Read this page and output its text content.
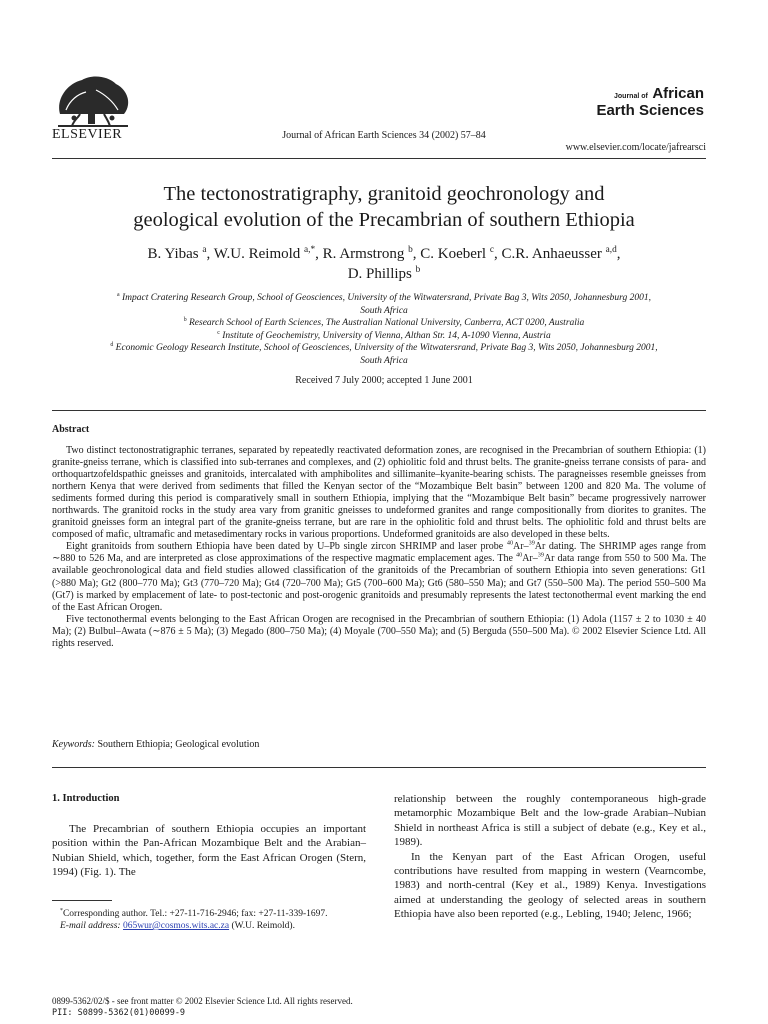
ELSEVIER	Journal of African Earth Sciences 34 (2002) 57–84
Journal of African
Earth Sciences
www.elsevier.com/locate/jafrearsci
The tectonostratigraphy, granitoid geochronology and
geological evolution of the Precambrian of southern Ethiopia
B. Yibas $^a$, W.U. Reimold $^{a,*}$, R. Armstrong $^b$, C. Koeberl $^c$, C.R. Anhaeusser $^{a,d}$,
D. Phillips $^b$
$^a$ Impact Cratering Research Group, School of Geosciences, University of the Witwatersrand, Private Bag 3, Wits 2050, Johannesburg 2001,
South Africa
$^b$ Research School of Earth Sciences, The Australian National University, Canberra, ACT 0200, Australia
$^c$ Institute of Geochemistry, University of Vienna, Althan Str. 14, A-1090 Vienna, Austria
$^d$ Economic Geology Research Institute, School of Geosciences, University of the Witwatersrand, Private Bag 3, Wits 2050, Johannesburg 2001,
South Africa
Received 7 July 2000; accepted 1 June 2001
Abstract

Two distinct tectonostratigraphic terranes, separated by repeatedly reactivated deformation zones, are recognised in the Precambrian of southern Ethiopia: (1) granite-gneiss terrane, which is classified into sub-terranes and complexes, and (2) ophiolitic fold and thrust belts. The granite-gneiss terrane consists of para- and orthoquartzofeldspathic gneisses and granitoids, intercalated with amphibolites and sillimanite–kyanite-bearing schists. The paragneisses resemble gneisses from northern Kenya that were derived from sediments that filled the Kenyan sector of the “Mozambique Belt basin” between 1200 and 820 Ma. The volume of sediments formed during this period is comparatively small in southern Ethiopia, implying that the “Mozambique Belt basin” became progressively narrower northwards. The granitoid rocks in the study area vary from granitic gneisses to undeformed granites and range compositionally from diorites to granites. The granitoid gneisses form an integral part of the granite-gneiss terrane, but are rare in the ophiolitic fold and thrust belts. The ophiolitic fold and thrust belts are composed of mafic, ultramafic and metasedimentary rocks in various proportions. Undeformed granitoids are also developed in these belts.

Eight granitoids from southern Ethiopia have been dated by U–Pb single zircon SHRIMP and laser probe $^{40}$Ar–$^{39}$Ar dating. The SHRIMP ages range from ∼880 to 526 Ma, and are interpreted as close approximations of the respective magmatic emplacement ages. The $^{40}$Ar–$^{39}$Ar data range from 550 to 500 Ma. The available geochronological data and field studies allowed classification of the granitoids of the Precambrian of southern Ethiopia into seven generations: Gt1 (>880 Ma); Gt2 (800–770 Ma); Gt3 (770–720 Ma); Gt4 (720–700 Ma); Gt5 (700–600 Ma); Gt6 (580–550 Ma); and Gt7 (550–500 Ma). The period 550–500 Ma (Gt7) is marked by emplacement of late- to post-tectonic and post-orogenic granitoids and presumably represents the latest tectonothermal event marking the end of the East African Orogen.

Five tectonothermal events belonging to the East African Orogen are recognised in the Precambrian of southern Ethiopia: (1) Adola (1157 ± 2 to 1030 ± 40 Ma); (2) Bulbul–Awata (∼876 ± 5 Ma); (3) Megado (800–750 Ma); (4) Moyale (700–550 Ma); and (5) Berguda (550–500 Ma). © 2002 Elsevier Science Ltd. All rights reserved.

Keywords: Southern Ethiopia; Geological evolution
1. Introduction

The Precambrian of southern Ethiopia occupies an important position within the Pan-African Mozambique Belt and the Arabian–Nubian Shield, which, together, form the East African Orogen (Stern, 1994) (Fig. 1). The

relationship between the roughly contemporaneous high-grade metamorphic Mozambique Belt and the low-grade Arabian–Nubian Shield in northeast Africa is still a subject of debate (e.g., Key et al., 1989).

In the Kenyan part of the East African Orogen, useful contributions have resulted from mapping in western (Vearncombe, 1983) and north-central (Key et al., 1989) Kenya. Investigations aimed at understanding the geology of selected areas in southern Ethiopia have also been reported (e.g., Lebling, 1940; Jelenc, 1966;

*Corresponding author. Tel.: +27-11-716-2946; fax: +27-11-339-1697.

E-mail address: 065wur@cosmos.wits.ac.za (W.U. Reimold).

0899-5362/02/$ - see front matter © 2002 Elsevier Science Ltd. All rights reserved.
PII: S0899-5362(01)00099-9
